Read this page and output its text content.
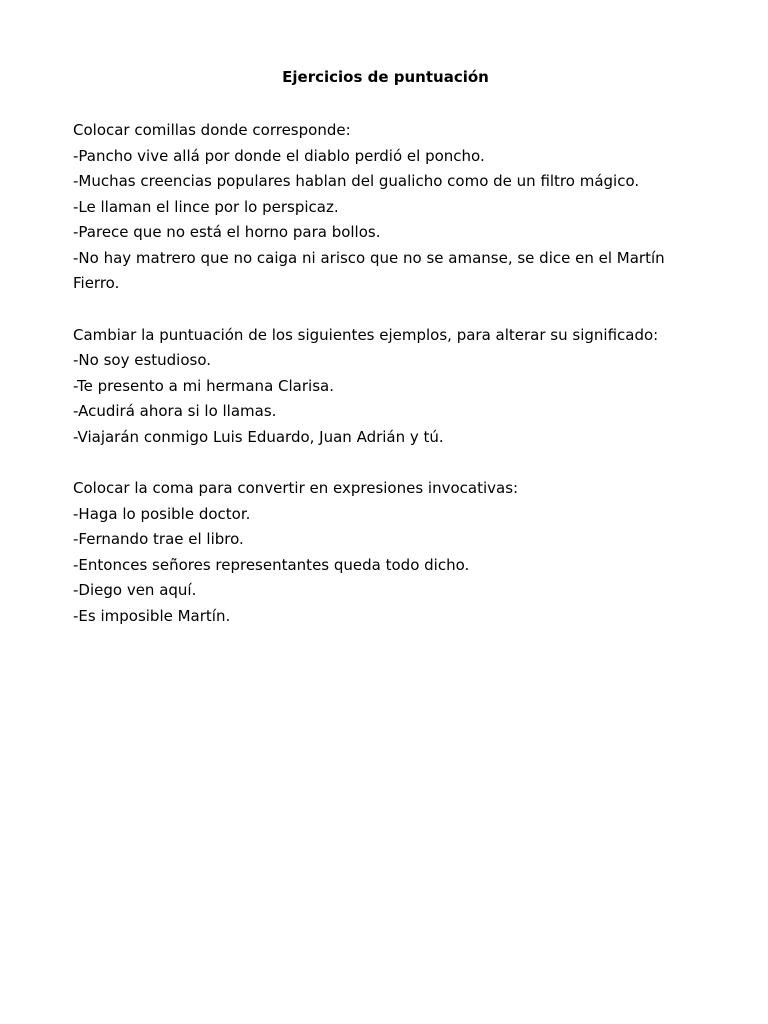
Ejercicios de puntuación
Colocar comillas donde corresponde:
-Pancho vive allá por donde el diablo perdió el poncho.
-Muchas creencias populares hablan del gualicho como de un filtro mágico.
-Le llaman el lince por lo perspicaz.
-Parece que no está el horno para bollos.
-No hay matrero que no caiga ni arisco que no se amanse, se dice en el Martín Fierro.
Cambiar la puntuación de los siguientes ejemplos, para alterar su significado:
-No soy estudioso.
-Te presento a mi hermana Clarisa.
-Acudirá ahora si lo llamas.
-Viajarán conmigo Luis Eduardo, Juan Adrián y tú.
Colocar la coma para convertir en expresiones invocativas:
-Haga lo posible doctor.
-Fernando trae el libro.
-Entonces señores representantes queda todo dicho.
-Diego ven aquí.
-Es imposible Martín.
